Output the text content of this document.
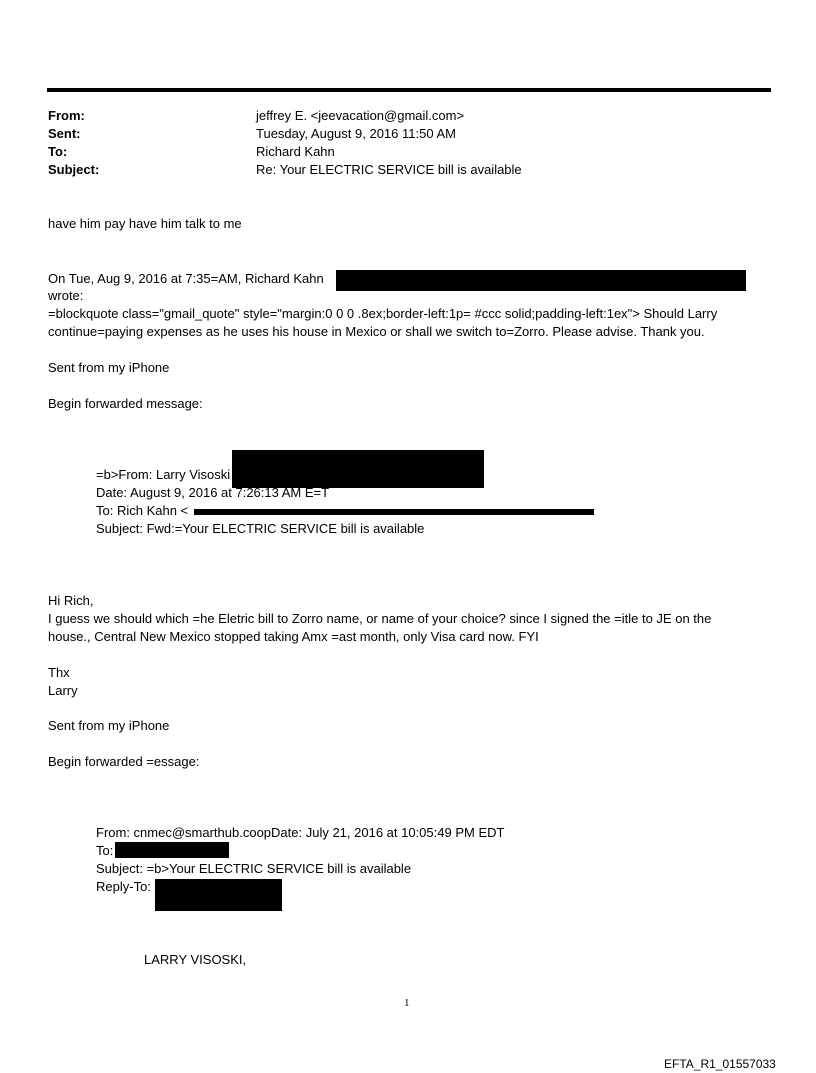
From:	jeffrey E. <jeevacation@gmail.com>
Sent:	Tuesday, August 9, 2016 11:50 AM
To:	Richard Kahn
Subject:	Re: Your ELECTRIC SERVICE bill is available
have him pay have him talk to me
On Tue, Aug 9, 2016 at 7:35=AM, Richard Kahn
wrote:
=blockquote class="gmail_quote" style="margin:0 0 0 .8ex;border-left:1p= #ccc solid;padding-left:1ex"> Should Larry
continue=paying expenses as he uses his house in Mexico or shall we switch to=Zorro. Please advise. Thank you.
Sent from my iPhone
Begin forwarded message:
=b>From: Larry Visoski
Date: August 9, 2016 at 7:26:13 AM E=T
To: Rich Kahn <
Subject: Fwd:=Your ELECTRIC SERVICE bill is available
Hi Rich,
I guess we should which =he Eletric bill to Zorro name, or name of your choice? since I signed the =itle to JE on the
house., Central New Mexico stopped taking Amx =ast month, only Visa card now. FYI
Thx
Larry
Sent from my iPhone
Begin forwarded =essage:
From: cnmec@smarthub.coopDate: July 21, 2016 at 10:05:49 PM EDT
To:
Subject: =b>Your ELECTRIC SERVICE bill is available
Reply-To:
LARRY VISOSKI,
1
EFTA_R1_01557033
